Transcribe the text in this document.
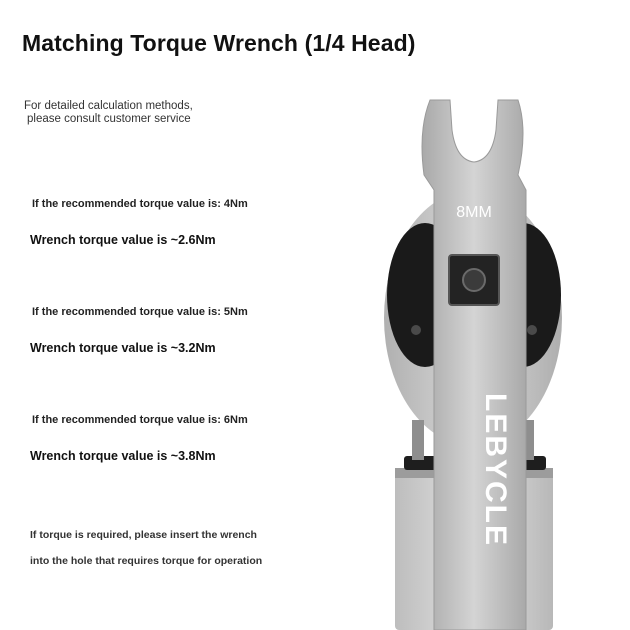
Matching Torque Wrench (1/4 Head)
For detailed calculation methods,
please consult customer service
If the recommended torque value is: 4Nm
Wrench torque value is ~2.6Nm
If the recommended torque value is: 5Nm
Wrench torque value is ~3.2Nm
If the recommended torque value is: 6Nm
Wrench torque value is ~3.8Nm
If torque is required, please insert the wrench
into the hole that requires torque for operation
8MM
LEBYCLE
